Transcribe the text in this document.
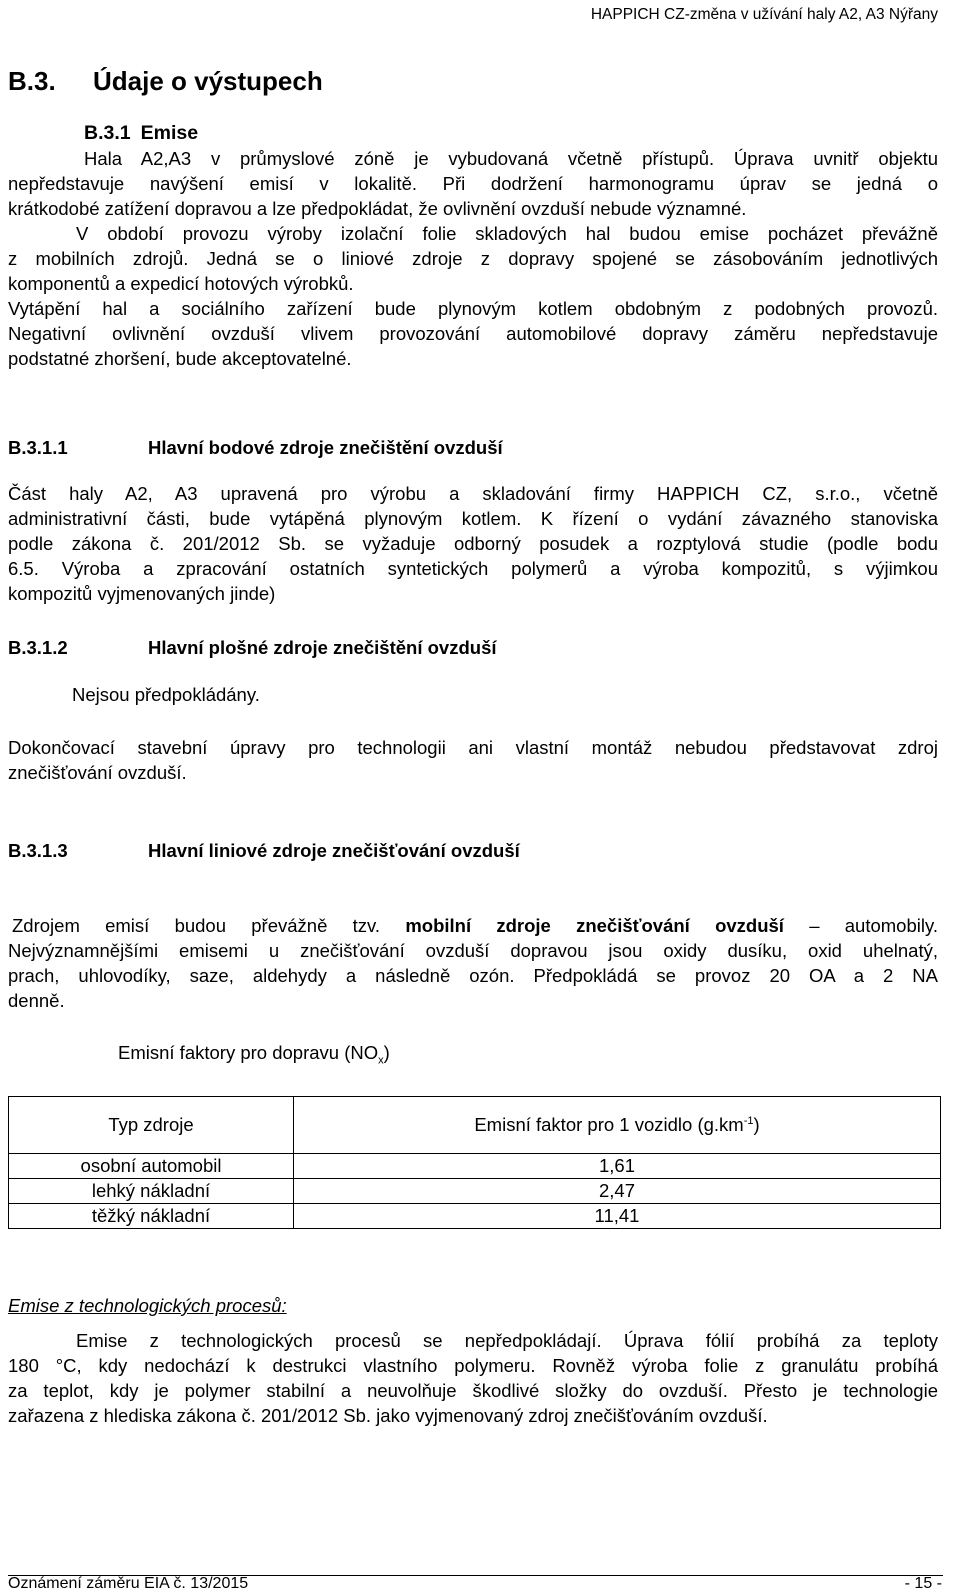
HAPPICH CZ-změna v užívání haly A2, A3 Nýřany
B.3. Údaje o výstupech
B.3.1 Emise
Hala A2,A3 v průmyslové zóně je vybudovaná včetně přístupů. Úprava uvnitř objektu
nepředstavuje navýšení emisí v lokalitě. Při dodržení harmonogramu úprav se jedná o
krátkodobé zatížení dopravou a lze předpokládat, že ovlivnění ovzduší nebude významné.
V období provozu výroby izolační folie skladových hal budou emise pocházet převážně
z mobilních zdrojů. Jedná se o liniové zdroje z dopravy spojené se zásobováním jednotlivých
komponentů a expedicí hotových výrobků.
Vytápění hal a sociálního zařízení bude plynovým kotlem obdobným z podobných provozů.
Negativní ovlivnění ovzduší vlivem provozování automobilové dopravy záměru nepředstavuje
podstatné zhoršení, bude akceptovatelné.
B.3.1.1	Hlavní bodové zdroje znečištění ovzduší
Část haly A2, A3 upravená pro výrobu a skladování firmy HAPPICH CZ, s.r.o., včetně
administrativní části, bude vytápěná plynovým kotlem. K řízení o vydání závazného stanoviska
podle zákona č. 201/2012 Sb. se vyžaduje odborný posudek a rozptylová studie (podle bodu
6.5. Výroba a zpracování ostatních syntetických polymerů a výroba kompozitů, s výjimkou
kompozitů vyjmenovaných jinde)
B.3.1.2	Hlavní plošné zdroje znečištění ovzduší
Nejsou předpokládány.
Dokončovací stavební úpravy pro technologii ani vlastní montáž nebudou představovat zdroj
znečišťování ovzduší.
B.3.1.3	Hlavní liniové zdroje znečišťování ovzduší
Zdrojem emisí budou převážně tzv. mobilní zdroje znečišťování ovzduší – automobily.
Nejvýznamnějšími emisemi u znečišťování ovzduší dopravou jsou oxidy dusíku, oxid uhelnatý,
prach, uhlovodíky, saze, aldehydy a následně ozón. Předpokládá se provoz 20 OA a 2 NA
denně.
Emisní faktory pro dopravu $(NO_x)$
Typ zdroje	Emisní faktor pro 1 vozidlo $(g.km^{-1})$
osobní automobil	1,61
lehký nákladní	2,47
těžký nákladní	11,41
Emise z technologických procesů:
Emise z technologických procesů se nepředpokládají. Úprava fólií probíhá za teploty
180 °C, kdy nedochází k destrukci vlastního polymeru. Rovněž výroba folie z granulátu probíhá
za teplot, kdy je polymer stabilní a neuvolňuje škodlivé složky do ovzduší. Přesto je technologie
zařazena z hlediska zákona č. 201/2012 Sb. jako vyjmenovaný zdroj znečišťováním ovzduší.
Oznámení záměru EIA č. 13/2015	- 15 -
